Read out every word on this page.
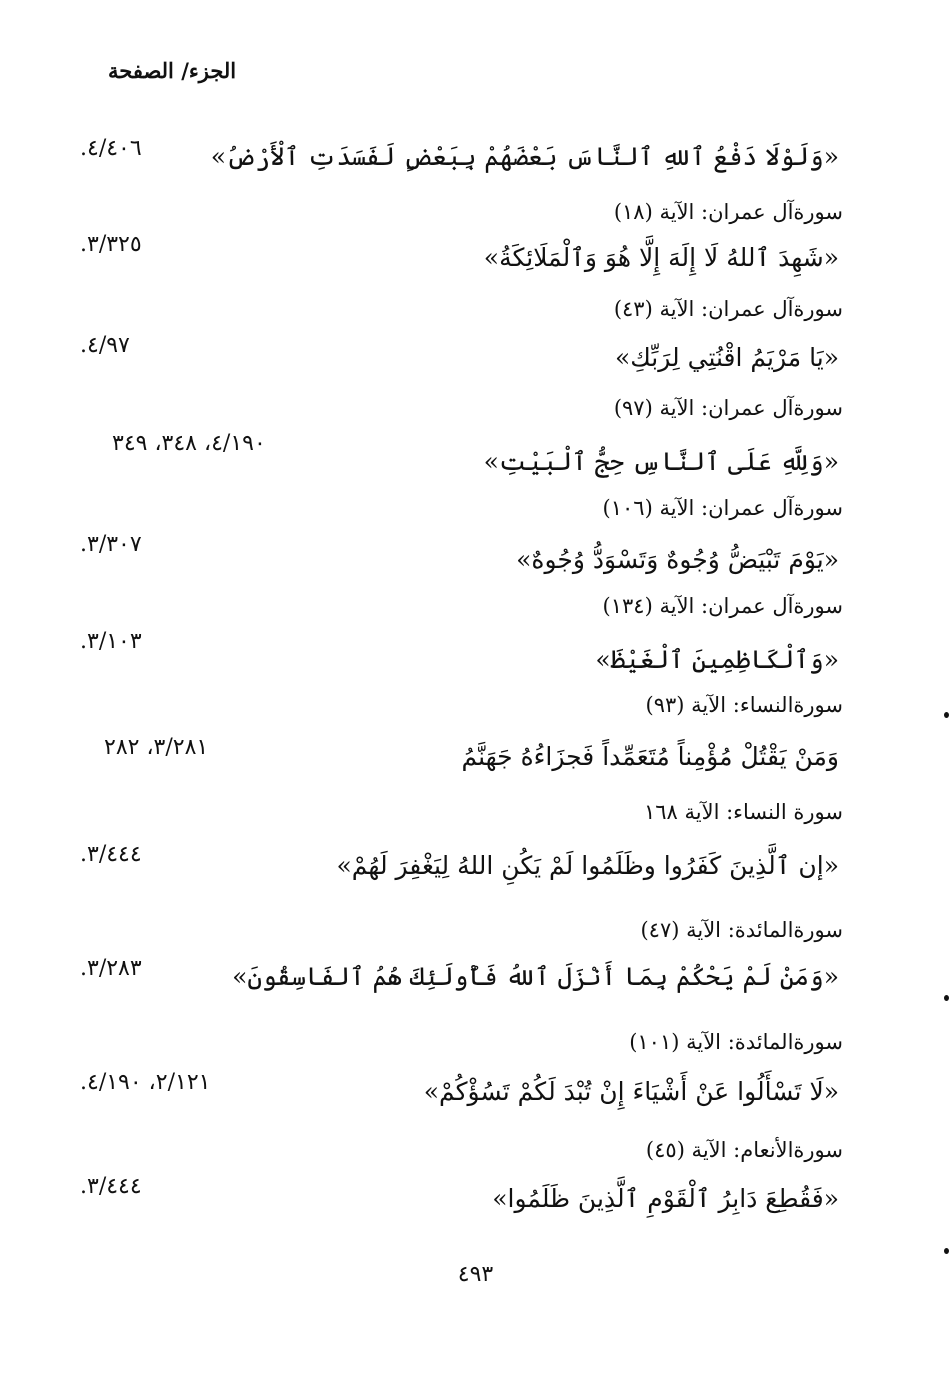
الجزء/ الصفحة
«وَلَوْلَا دَفْعُ ٱللهِ ٱلنَّاسَ بَعْضَهُمْ بِبَعْضٍ لَفَسَدَتِ ٱلْأَرْضُ»
٤/٤٠٦.
سورةآل عمران: الآية (١٨)
«شَهِدَ ٱللهُ لَا إِلَهَ إِلَّا هُوَ وَٱلْمَلَائِكَةُ»
٣/٣٢٥.
سورةآل عمران: الآية (٤٣)
«يَا مَرْيَمُ اقْنُتِي لِرَبِّكِ»
٤/٩٧.
سورةآل عمران: الآية (٩٧)
«وَلِلَّهِ عَلَى ٱلنَّاسِ حِجُّ ٱلْبَيْتِ»
٤/١٩٠، ٣٤٨، ٣٤٩
سورةآل عمران: الآية (١٠٦)
«يَوْمَ تَبْيَضُّ وُجُوهٌ وَتَسْوَدُّ وُجُوهٌ»
٣/٣٠٧.
سورةآل عمران: الآية (١٣٤)
«وَٱلْكَاظِمِينَ ٱلْغَيْظَ»
٣/١٠٣.
سورةالنساء: الآية (٩٣)
وَمَنْ يَقْتُلْ مُؤْمِناً مُتَعَمِّداً فَجزَاءُهُ جَهَنَّمُ
٣/٢٨١، ٢٨٢
سورة النساء: الآية ١٦٨
«إن ٱلَّذِينَ كَفَرُوا وظَلَمُوا لَمْ يَكُنِ اللهُ لِيَغْفِرَ لَهُمْ»
٣/٤٤٤.
سورةالمائدة: الآية (٤٧)
«وَمَنْ لَمْ يَحْكُمْ بِمَا أَنْزَلَ ٱللهُ فَأُولَئِكَ هُمُ ٱلفَاسِقُونَ»
٣/٢٨٣.
سورةالمائدة: الآية (١٠١)
«لَا تَسْأَلُوا عَنْ أَشْيَاءَ إِنْ تُبْدَ لَكُمْ تَسُؤْكُمْ»
٢/١٢١، ٤/١٩٠.
سورةالأنعام: الآية (٤٥)
«فَقُطِعَ دَابِرُ ٱلْقَوْمِ ٱلَّذِينَ ظَلَمُوا»
٣/٤٤٤.
٤٩٣
